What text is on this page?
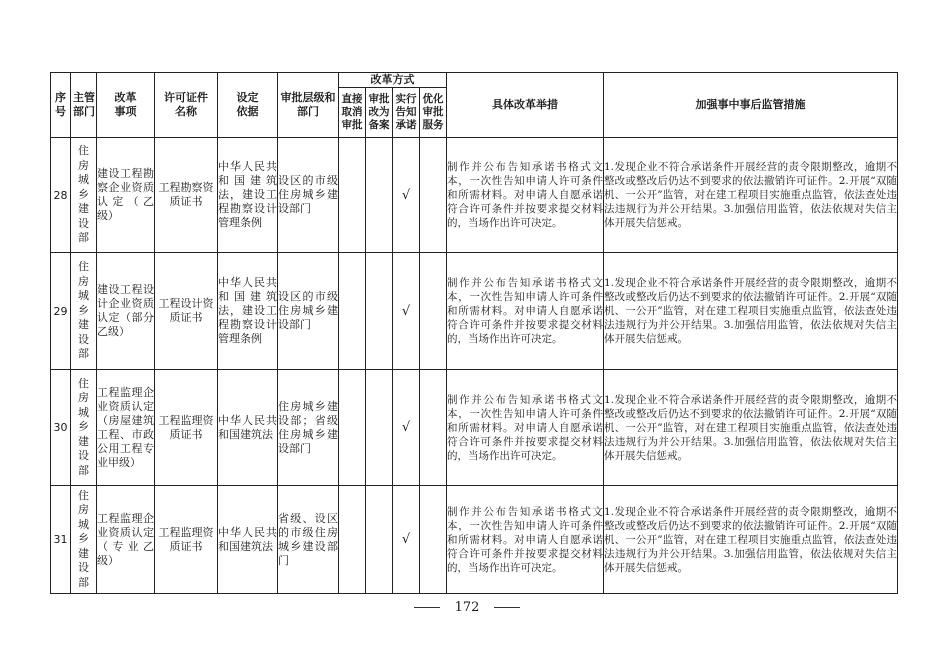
序号	主管部门	改革事项	许可证件名称	设定依据	审批层级和部门	改革方式				具体改革举措	加强事中事后监管措施
						直接取消审批	审批改为备案	实行告知承诺	优化审批服务		
28	住房城乡建设部	建设工程勘察企业资质认定（乙级）	工程勘察资质证书	中华人民共和国建筑法，建设工程勘察设计管理条例	设区的市级住房城乡建设部门			√		制作并公布告知承诺书格式文本，一次性告知申请人许可条件和所需材料。对申请人自愿承诺符合许可条件并按要求提交材料的，当场作出许可决定。	1.发现企业不符合承诺条件开展经营的责令限期整改，逾期不整改或整改后仍达不到要求的依法撤销许可证件。2.开展“双随机、一公开”监管，对在建工程项目实施重点监管，依法查处违法违规行为并公开结果。3.加强信用监管，依法依规对失信主体开展失信惩戒。
29	住房城乡建设部	建设工程设计企业资质认定（部分乙级）	工程设计资质证书	中华人民共和国建筑法，建设工程勘察设计管理条例	设区的市级住房城乡建设部门			√		制作并公布告知承诺书格式文本，一次性告知申请人许可条件和所需材料。对申请人自愿承诺符合许可条件并按要求提交材料的，当场作出许可决定。	1.发现企业不符合承诺条件开展经营的责令限期整改，逾期不整改或整改后仍达不到要求的依法撤销许可证件。2.开展“双随机、一公开”监管，对在建工程项目实施重点监管，依法查处违法违规行为并公开结果。3.加强信用监管，依法依规对失信主体开展失信惩戒。
30	住房城乡建设部	工程监理企业资质认定（房屋建筑工程、市政公用工程专业甲级）	工程监理资质证书	中华人民共和国建筑法	住房城乡建设部；省级住房城乡建设部门			√		制作并公布告知承诺书格式文本，一次性告知申请人许可条件和所需材料。对申请人自愿承诺符合许可条件并按要求提交材料的，当场作出许可决定。	1.发现企业不符合承诺条件开展经营的责令限期整改，逾期不整改或整改后仍达不到要求的依法撤销许可证件。2.开展“双随机、一公开”监管，对在建工程项目实施重点监管，依法查处违法违规行为并公开结果。3.加强信用监管，依法依规对失信主体开展失信惩戒。
31	住房城乡建设部	工程监理企业资质认定（专业乙级）	工程监理资质证书	中华人民共和国建筑法	省级、设区的市级住房城乡建设部门			√		制作并公布告知承诺书格式文本，一次性告知申请人许可条件和所需材料。对申请人自愿承诺符合许可条件并按要求提交材料的，当场作出许可决定。	1.发现企业不符合承诺条件开展经营的责令限期整改，逾期不整改或整改后仍达不到要求的依法撤销许可证件。2.开展“双随机、一公开”监管，对在建工程项目实施重点监管，依法查处违法违规行为并公开结果。3.加强信用监管，依法依规对失信主体开展失信惩戒。
172
